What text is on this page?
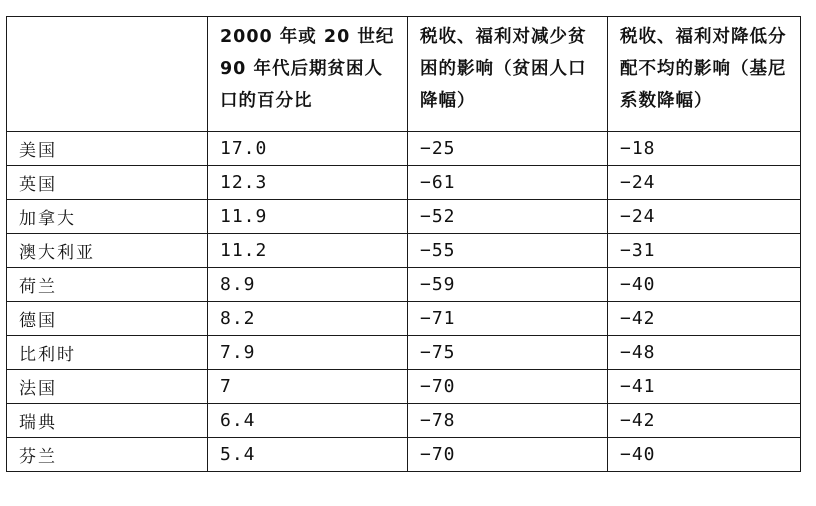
	2000 年或 20 世纪 90 年代后期贫困人口的百分比	税收、福利对减少贫困的影响（贫困人口降幅）	税收、福利对降低分配不均的影响（基尼系数降幅）
美国	17.0	−25	−18
英国	12.3	−61	−24
加拿大	11.9	−52	−24
澳大利亚	11.2	−55	−31
荷兰	8.9	−59	−40
德国	8.2	−71	−42
比利时	7.9	−75	−48
法国	7	−70	−41
瑞典	6.4	−78	−42
芬兰	5.4	−70	−40
